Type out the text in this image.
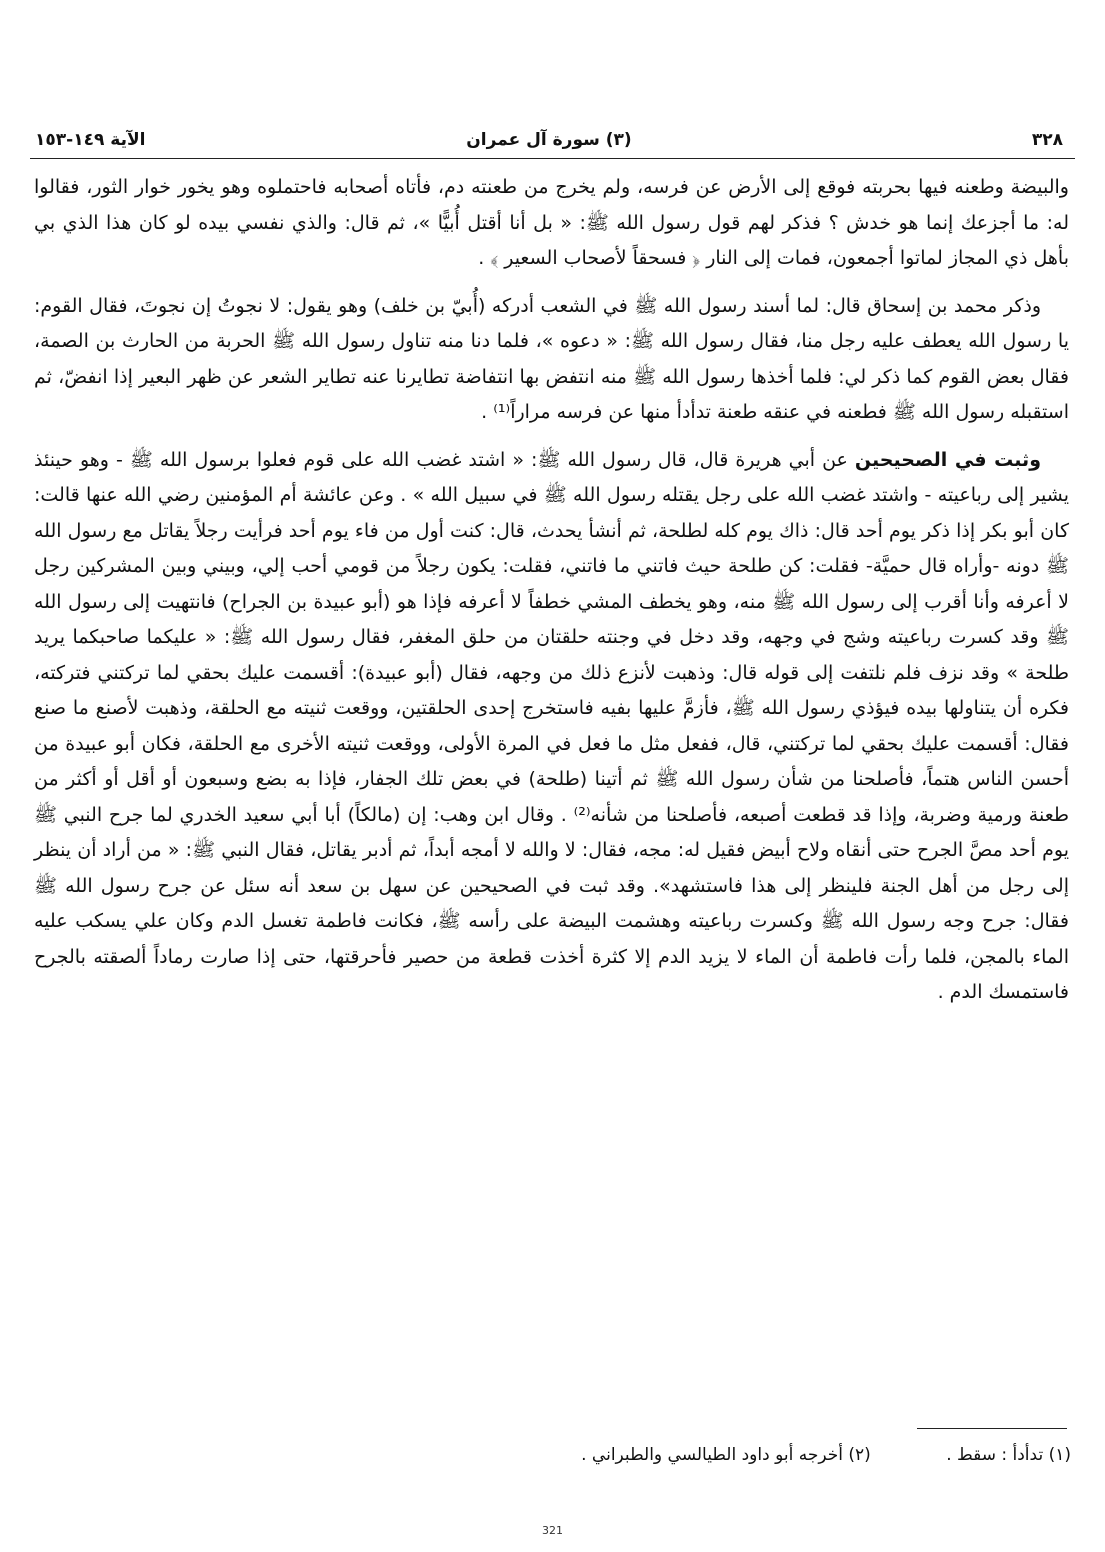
٣٢٨
(٣) سورة آل عمران
الآية ١٤٩-١٥٣

والبيضة وطعنه فيها بحربته فوقع إلى الأرض عن فرسه، ولم يخرج من طعنته دم، فأتاه أصحابه فاحتملوه وهو يخور خوار الثور، فقالوا له: ما أجزعك إنما هو خدش ؟ فذكر لهم قول رسول الله ﷺ: « بل أنا أقتل أُبيًّا »، ثم قال: والذي نفسي بيده لو كان هذا الذي بي بأهل ذي المجاز لماتوا أجمعون، فمات إلى النار ﴿ فسحقاً لأصحاب السعير ﴾ .

وذكر محمد بن إسحاق قال: لما أسند رسول الله ﷺ في الشعب أدركه (أُبيّ بن خلف) وهو يقول: لا نجوتُ إن نجوتَ، فقال القوم: يا رسول الله يعطف عليه رجل منا، فقال رسول الله ﷺ: « دعوه »، فلما دنا منه تناول رسول الله ﷺ الحربة من الحارث بن الصمة، فقال بعض القوم كما ذكر لي: فلما أخذها رسول الله ﷺ منه انتفض بها انتفاضة تطايرنا عنه تطاير الشعر عن ظهر البعير إذا انفضّ، ثم استقبله رسول الله ﷺ فطعنه في عنقه طعنة تدأدأ منها عن فرسه مراراً⁽¹⁾ .

وثبت في الصحيحين عن أبي هريرة قال، قال رسول الله ﷺ: « اشتد غضب الله على قوم فعلوا برسول الله ﷺ - وهو حينئذ يشير إلى رباعيته - واشتد غضب الله على رجل يقتله رسول الله ﷺ في سبيل الله » . وعن عائشة أم المؤمنين رضي الله عنها قالت: كان أبو بكر إذا ذكر يوم أحد قال: ذاك يوم كله لطلحة، ثم أنشأ يحدث، قال: كنت أول من فاء يوم أحد فرأيت رجلاً يقاتل مع رسول الله ﷺ دونه -وأراه قال حميَّة- فقلت: كن طلحة حيث فاتني ما فاتني، فقلت: يكون رجلاً من قومي أحب إلي، وبيني وبين المشركين رجل لا أعرفه وأنا أقرب إلى رسول الله ﷺ منه، وهو يخطف المشي خطفاً لا أعرفه فإذا هو (أبو عبيدة بن الجراح) فانتهيت إلى رسول الله ﷺ وقد كسرت رباعيته وشج في وجهه، وقد دخل في وجنته حلقتان من حلق المغفر، فقال رسول الله ﷺ: « عليكما صاحبكما يريد طلحة » وقد نزف فلم نلتفت إلى قوله قال: وذهبت لأنزع ذلك من وجهه، فقال (أبو عبيدة): أقسمت عليك بحقي لما تركتني فتركته، فكره أن يتناولها بيده فيؤذي رسول الله ﷺ، فأزمَّ عليها بفيه فاستخرج إحدى الحلقتين، ووقعت ثنيته مع الحلقة، وذهبت لأصنع ما صنع فقال: أقسمت عليك بحقي لما تركتني، قال، ففعل مثل ما فعل في المرة الأولى، ووقعت ثنيته الأخرى مع الحلقة، فكان أبو عبيدة من أحسن الناس هتماً، فأصلحنا من شأن رسول الله ﷺ ثم أتينا (طلحة) في بعض تلك الجفار، فإذا به بضع وسبعون أو أقل أو أكثر من طعنة ورمية وضربة، وإذا قد قطعت أصبعه، فأصلحنا من شأنه⁽²⁾ . وقال ابن وهب: إن (مالكاً) أبا أبي سعيد الخدري لما جرح النبي ﷺ يوم أحد مصَّ الجرح حتى أنقاه ولاح أبيض فقيل له: مجه، فقال: لا والله لا أمجه أبداً، ثم أدبر يقاتل، فقال النبي ﷺ: « من أراد أن ينظر إلى رجل من أهل الجنة فلينظر إلى هذا فاستشهد». وقد ثبت في الصحيحين عن سهل بن سعد أنه سئل عن جرح رسول الله ﷺ فقال: جرح وجه رسول الله ﷺ وكسرت رباعيته وهشمت البيضة على رأسه ﷺ، فكانت فاطمة تغسل الدم وكان علي يسكب عليه الماء بالمجن، فلما رأت فاطمة أن الماء لا يزيد الدم إلا كثرة أخذت قطعة من حصير فأحرقتها، حتى إذا صارت رماداً ألصقته بالجرح فاستمسك الدم .

(١) تدأدأ : سقط . (٢) أخرجه أبو داود الطيالسي والطبراني .
321
